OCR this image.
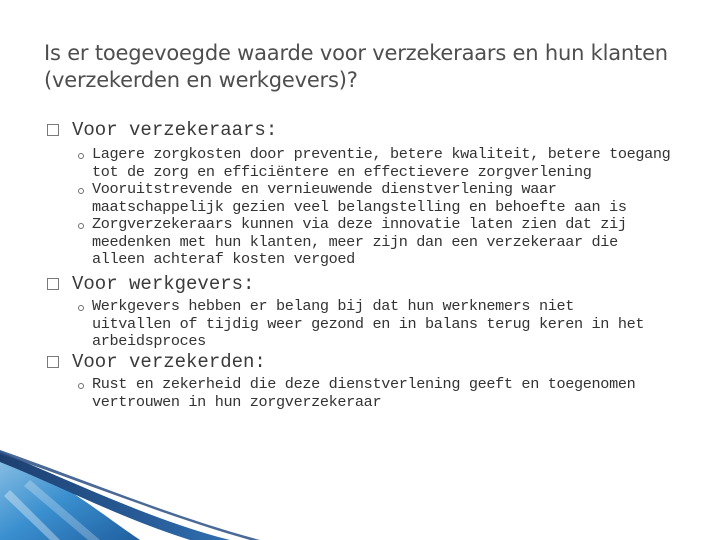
Is er toegevoegde waarde voor verzekeraars en hun klanten (verzekerden en werkgevers)?
Voor verzekeraars:
Lagere zorgkosten door preventie, betere kwaliteit, betere toegang
tot de zorg en efficiëntere en effectievere zorgverlening
Vooruitstrevende en vernieuwende dienstverlening waar
maatschappelijk gezien veel belangstelling en behoefte aan is
Zorgverzekeraars kunnen via deze innovatie laten zien dat zij
meedenken met hun klanten, meer zijn dan een verzekeraar die
alleen achteraf kosten vergoed
Voor werkgevers:
Werkgevers hebben er belang bij dat hun werknemers niet
uitvallen of tijdig weer gezond en in balans terug keren in het
arbeidsproces
Voor verzekerden:
Rust en zekerheid die deze dienstverlening geeft en toegenomen
vertrouwen in hun zorgverzekeraar
